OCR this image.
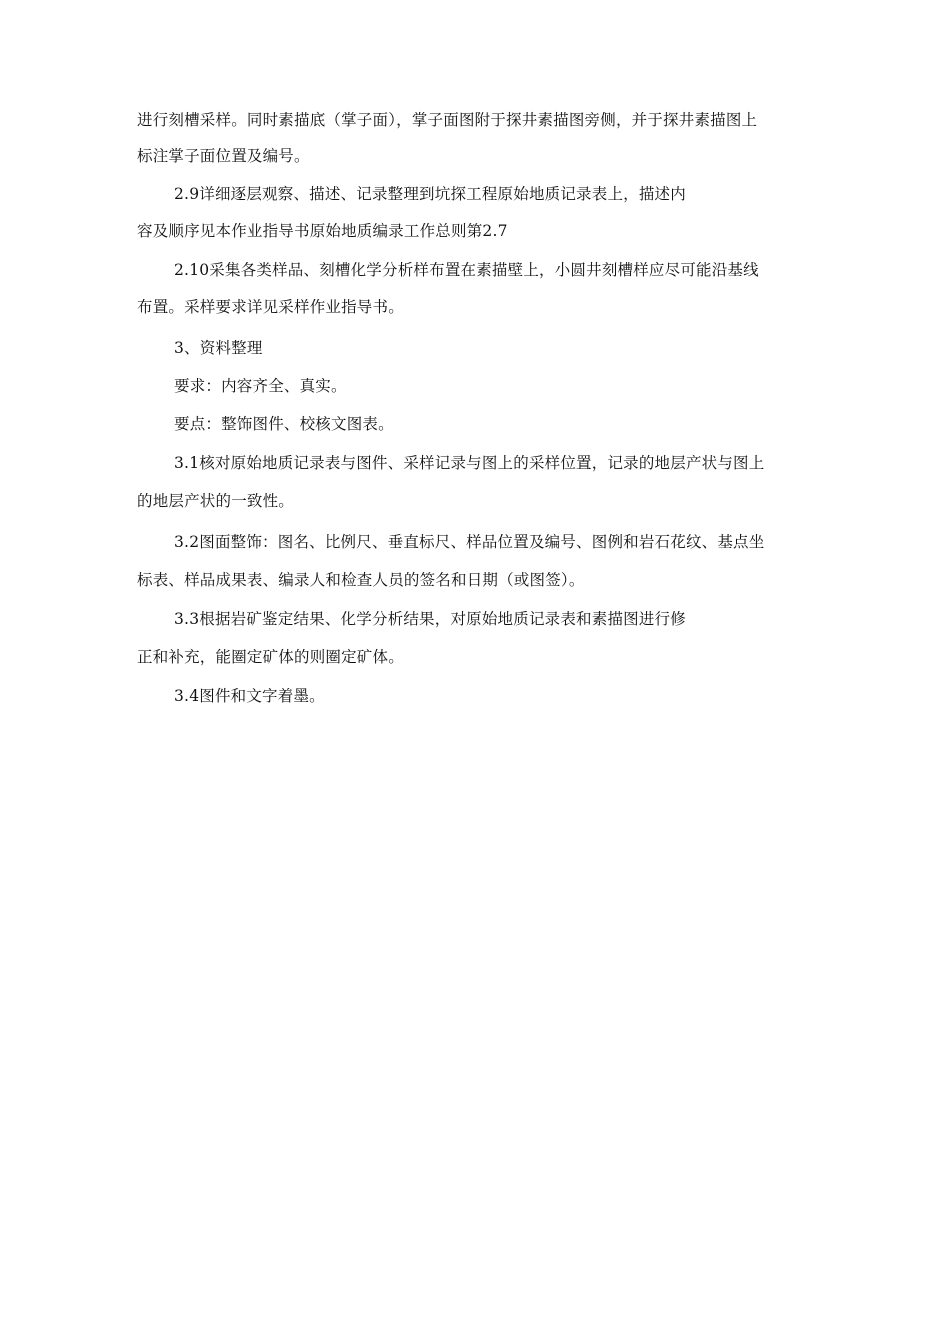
进行刻槽采样。同时素描底（掌子面），掌子面图附于探井素描图旁侧，并于探井素描图上
标注掌子面位置及编号。
2.9详细逐层观察、描述、记录整理到坑探工程原始地质记录表上，描述内
容及顺序见本作业指导书原始地质编录工作总则第2.7
2.10采集各类样品、刻槽化学分析样布置在素描壁上，小圆井刻槽样应尽可能沿基线
布置。采样要求详见采样作业指导书。
3、资料整理
要求：内容齐全、真实。
要点：整饰图件、校核文图表。
3.1核对原始地质记录表与图件、采样记录与图上的采样位置，记录的地层产状与图上
的地层产状的一致性。
3.2图面整饰：图名、比例尺、垂直标尺、样品位置及编号、图例和岩石花纹、基点坐
标表、样品成果表、编录人和检查人员的签名和日期（或图签）。
3.3根据岩矿鉴定结果、化学分析结果，对原始地质记录表和素描图进行修
正和补充，能圈定矿体的则圈定矿体。
3.4图件和文字着墨。
